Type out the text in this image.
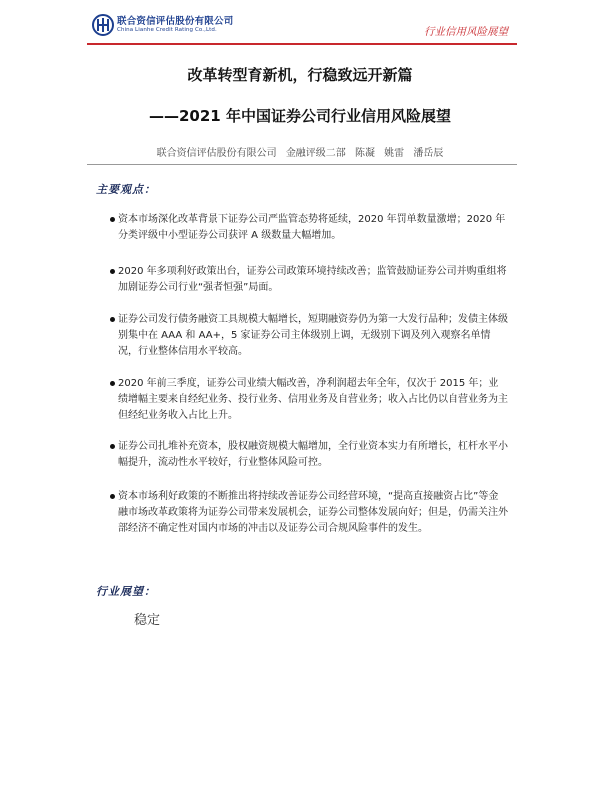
联合资信评估股份有限公司
China Lianhe Credit Rating Co.,Ltd.	行业信用风险展望
改革转型育新机，行稳致远开新篇
——2021 年中国证券公司行业信用风险展望
联合资信评估股份有限公司 金融评级二部 陈凝 姚雷 潘岳辰
主要观点：
资本市场深化改革背景下证券公司严监管态势将延续，2020 年罚单数量激增；2020 年分类评级中小型证券公司获评 A 级数量大幅增加。
2020 年多项利好政策出台，证券公司政策环境持续改善；监管鼓励证券公司并购重组将加剧证券公司行业“强者恒强”局面。
证券公司发行债务融资工具规模大幅增长，短期融资券仍为第一大发行品种；发债主体级别集中在 AAA 和 AA+，5 家证券公司主体级别上调，无级别下调及列入观察名单情况，行业整体信用水平较高。
2020 年前三季度，证券公司业绩大幅改善，净利润超去年全年，仅次于 2015 年；业绩增幅主要来自经纪业务、投行业务、信用业务及自营业务；收入占比仍以自营业务为主但经纪业务收入占比上升。
证券公司扎堆补充资本，股权融资规模大幅增加，全行业资本实力有所增长，杠杆水平小幅提升，流动性水平较好，行业整体风险可控。
资本市场利好政策的不断推出将持续改善证券公司经营环境，“提高直接融资占比”等金融市场改革政策将为证券公司带来发展机会，证券公司整体发展向好；但是，仍需关注外部经济不确定性对国内市场的冲击以及证券公司合规风险事件的发生。
行业展望：
稳定
